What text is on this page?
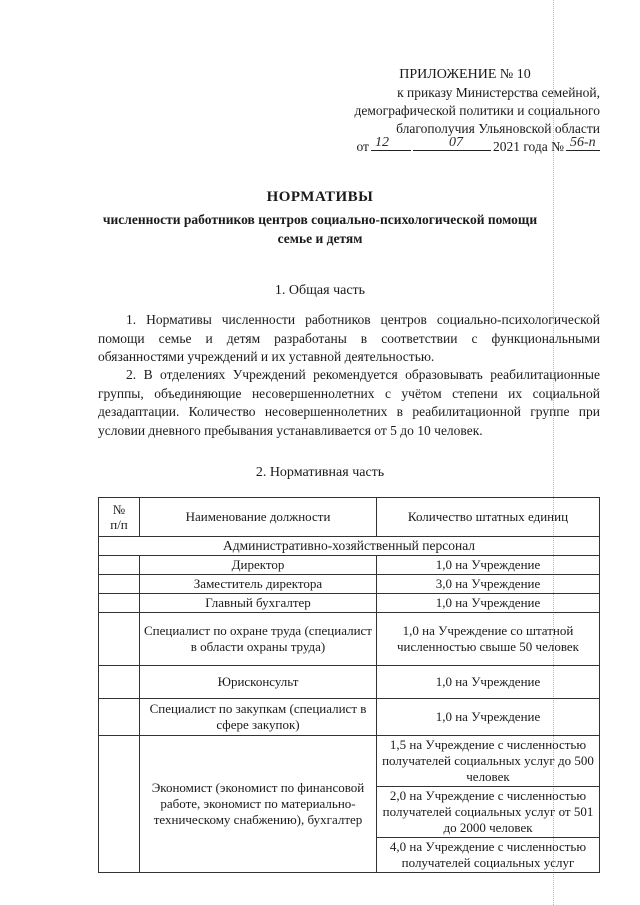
ПРИЛОЖЕНИЕ № 10
к приказу Министерства семейной,
демографической политики и социального
благополучия Ульяновской области
от 12	07 2021 года № 56-п
НОРМАТИВЫ
численности работников центров социально-психологической помощи
семье и детям
1. Общая часть
1. Нормативы численности работников центров социально-психологической помощи семье и детям разработаны в соответствии с функциональными обязанностями учреждений и их уставной деятельностью.
2. В отделениях Учреждений рекомендуется образовывать реабилитационные группы, объединяющие несовершеннолетних с учётом степени их социальной дезадаптации. Количество несовершеннолетних в реабилитационной группе при условии дневного пребывания устанавливается от 5 до 10 человек.
2. Нормативная часть
№
п/п	Наименование должности	Количество штатных единиц
Административно-хозяйственный персонал		
	Директор	1,0 на Учреждение
	Заместитель директора	3,0 на Учреждение
	Главный бухгалтер	1,0 на Учреждение
	Специалист по охране труда (специалист в области охраны труда)	1,0 на Учреждение со штатной численностью свыше 50 человек
	Юрисконсульт	1,0 на Учреждение
	Специалист по закупкам (специалист в сфере закупок)	1,0 на Учреждение
	Экономист (экономист по финансовой работе, экономист по материально-техническому снабжению), бухгалтер	1,5 на Учреждение с численностью получателей социальных услуг до 500 человек
		2,0 на Учреждение с численностью получателей социальных услуг от 501 до 2000 человек
		4,0 на Учреждение с численностью получателей социальных услуг
